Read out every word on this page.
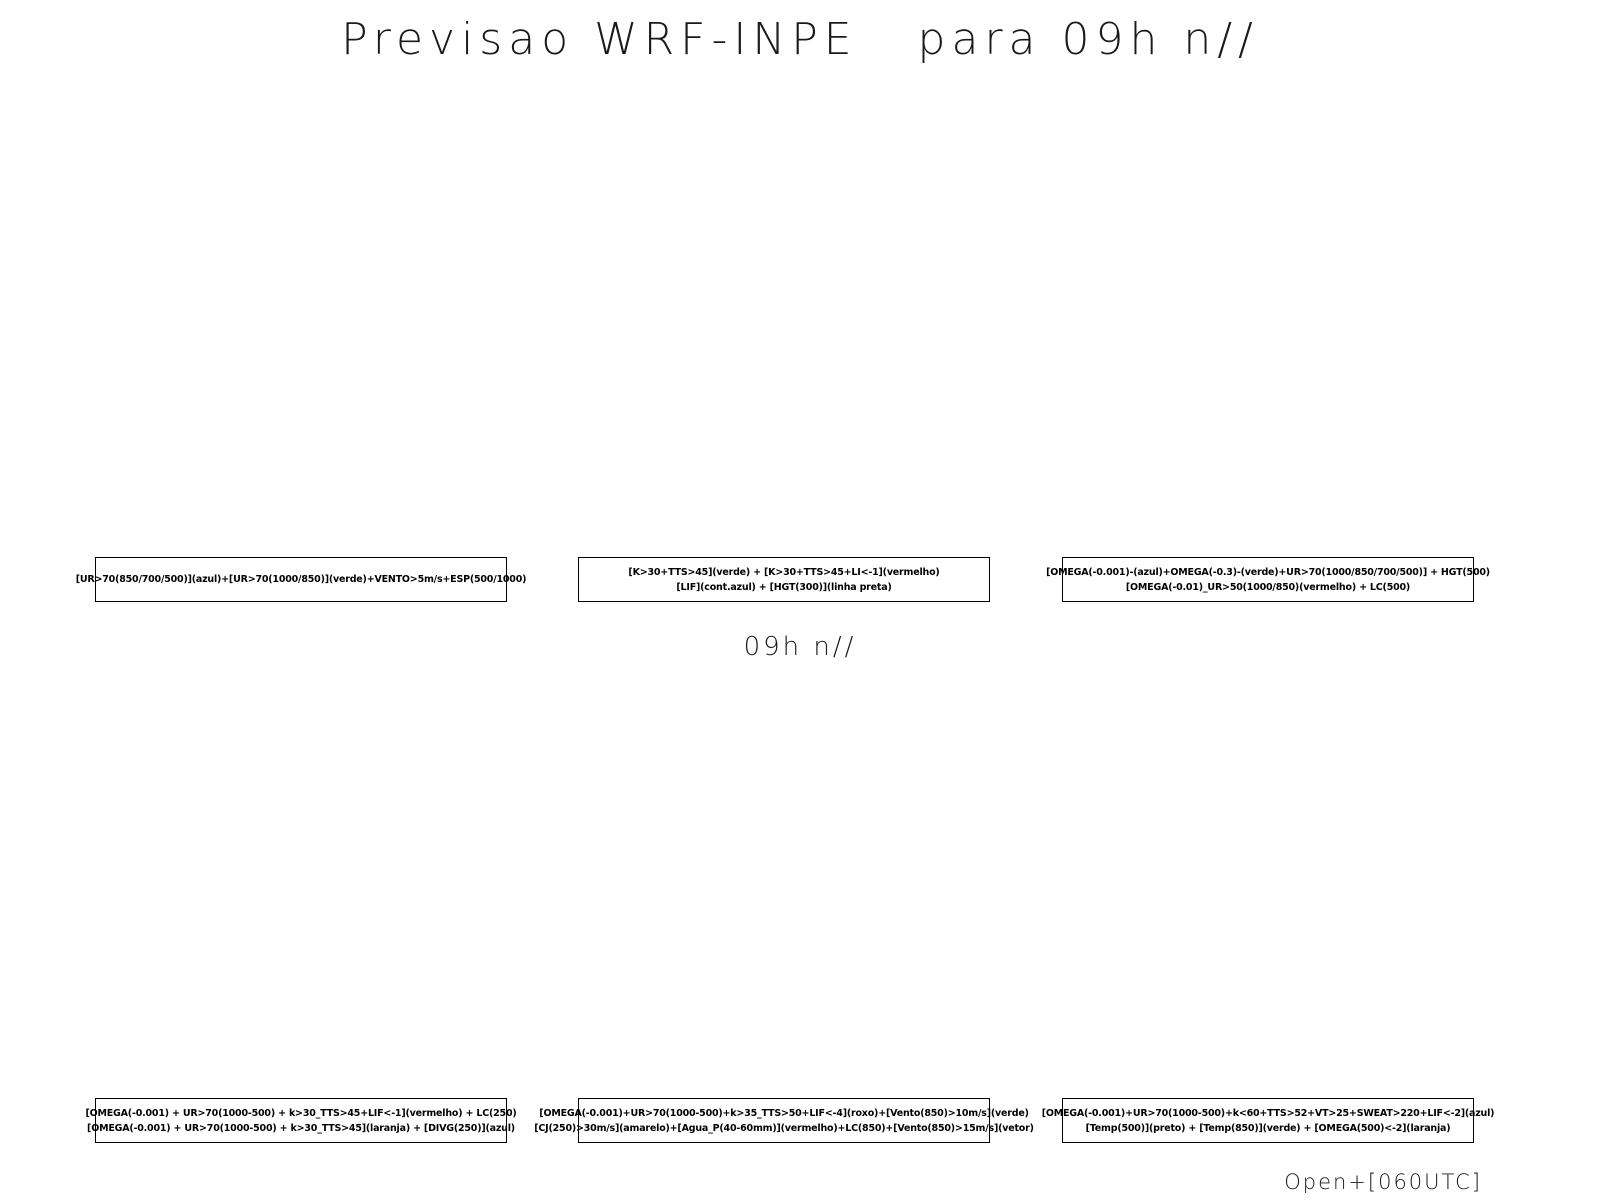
Previsao WRF-INPE   para 09h n//
[UR>70(850/700/500)](azul)+[UR>70(1000/850)](verde)+VENTO>5m/s+ESP(500/1000)
[K>30+TTS>45](verde) + [K>30+TTS>45+LI<-1](vermelho)
[LIF](cont.azul) + [HGT(300)](linha preta)
[OMEGA(-0.001)-(azul)+OMEGA(-0.3)-(verde)+UR>70(1000/850/700/500)] + HGT(500)
[OMEGA(-0.01)_UR>50(1000/850)(vermelho) + LC(500)
09h n//
[OMEGA(-0.001) + UR>70(1000-500) + k>30_TTS>45+LIF<-1](vermelho) + LC(250)
[OMEGA(-0.001) + UR>70(1000-500) + k>30_TTS>45](laranja) + [DIVG(250)](azul)
[OMEGA(-0.001)+UR>70(1000-500)+k>35_TTS>50+LIF<-4](roxo)+[Vento(850)>10m/s](verde)
[CJ(250)>30m/s](amarelo)+[Agua_P(40-60mm)](vermelho)+LC(850)+[Vento(850)>15m/s](vetor)
[OMEGA(-0.001)+UR>70(1000-500)+k<60+TTS>52+VT>25+SWEAT>220+LIF<-2](azul)
[Temp(500)](preto) + [Temp(850)](verde) + [OMEGA(500)<-2](laranja)
Open+[060UTC]
